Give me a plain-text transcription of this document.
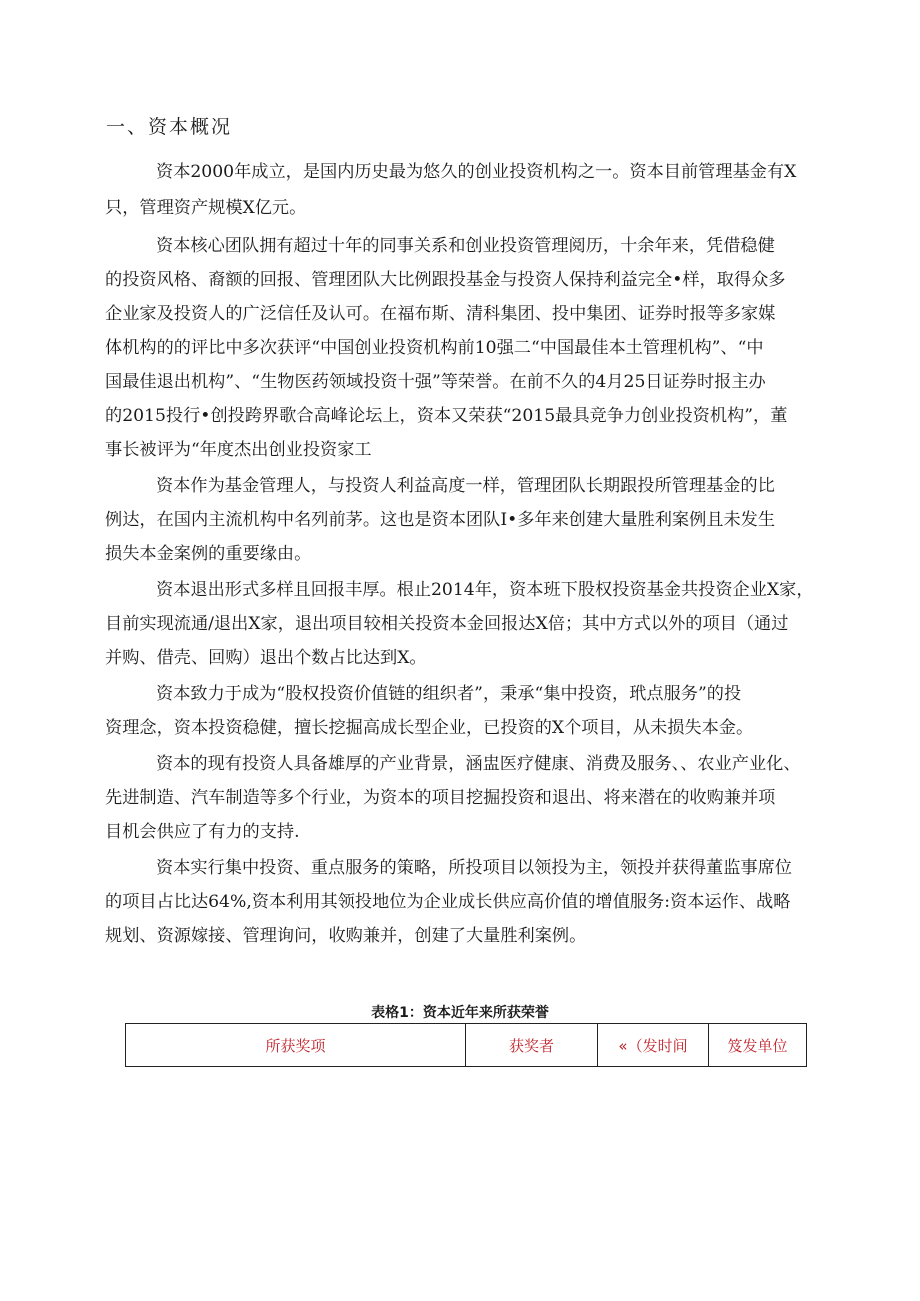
一、资本概况
资本2000年成立，是国内历史最为悠久的创业投资机构之一。资本目前管理基金有X
只，管理资产规模X亿元。
资本核心团队拥有超过十年的同事关系和创业投资管理阅历，十余年来，凭借稳健
的投资风格、裔额的回报、管理团队大比例跟投基金与投资人保持利益完全•样，取得众多
企业家及投资人的广泛信任及认可。在福布斯、清科集团、投中集团、证券时报等多家媒
体机构的的评比中多次获评“中国创业投资机构前10强二“中国最佳本土管理机构”、“中
国最佳退出机构”、“生物医药领域投资十强”等荣誉。在前不久的4月25日证券时报主办
的2015投行•创投跨界歌合高峰论坛上，资本又荣获“2015最具竞争力创业投资机构”，董
事长被评为“年度杰出创业投资家工
资本作为基金管理人，与投资人利益高度一样，管理团队长期跟投所管理基金的比
例达，在国内主流机构中名列前茅。这也是资本团队I•多年来创建大量胜利案例且未发生
损失本金案例的重要缘由。
资本退出形式多样且回报丰厚。根止2014年，资本班下股权投资基金共投资企业X家，
目前实现流通/退出X家，退出项目较相关投资本金回报达X倍；其中方式以外的项目（通过
并购、借壳、回购）退出个数占比达到X。
资本致力于成为“股权投资价值链的组织者”，秉承“集中投资，玳点服务”的投
资理念，资本投资稳健，擅长挖掘高成长型企业，已投资的X个项目，从未损失本金。
资本的现有投资人具备雄厚的产业背景，涵盅医疗健康、消费及服务、、农业产业化、
先进制造、汽车制造等多个行业，为资本的项目挖掘投资和退出、将来潜在的收购兼并项
目机会供应了有力的支持.
资本实行集中投资、重点服务的策略，所投项目以领投为主，领投并获得董监事席位
的项目占比达64%,资本利用其领投地位为企业成长供应高价值的增值服务:资本运作、战略
规划、资源嫁接、管理询问，收购兼并，创建了大量胜利案例。
表格1：资本近年来所获荣誉
所获奖项	获奖者	«（发时间	笈发单位
